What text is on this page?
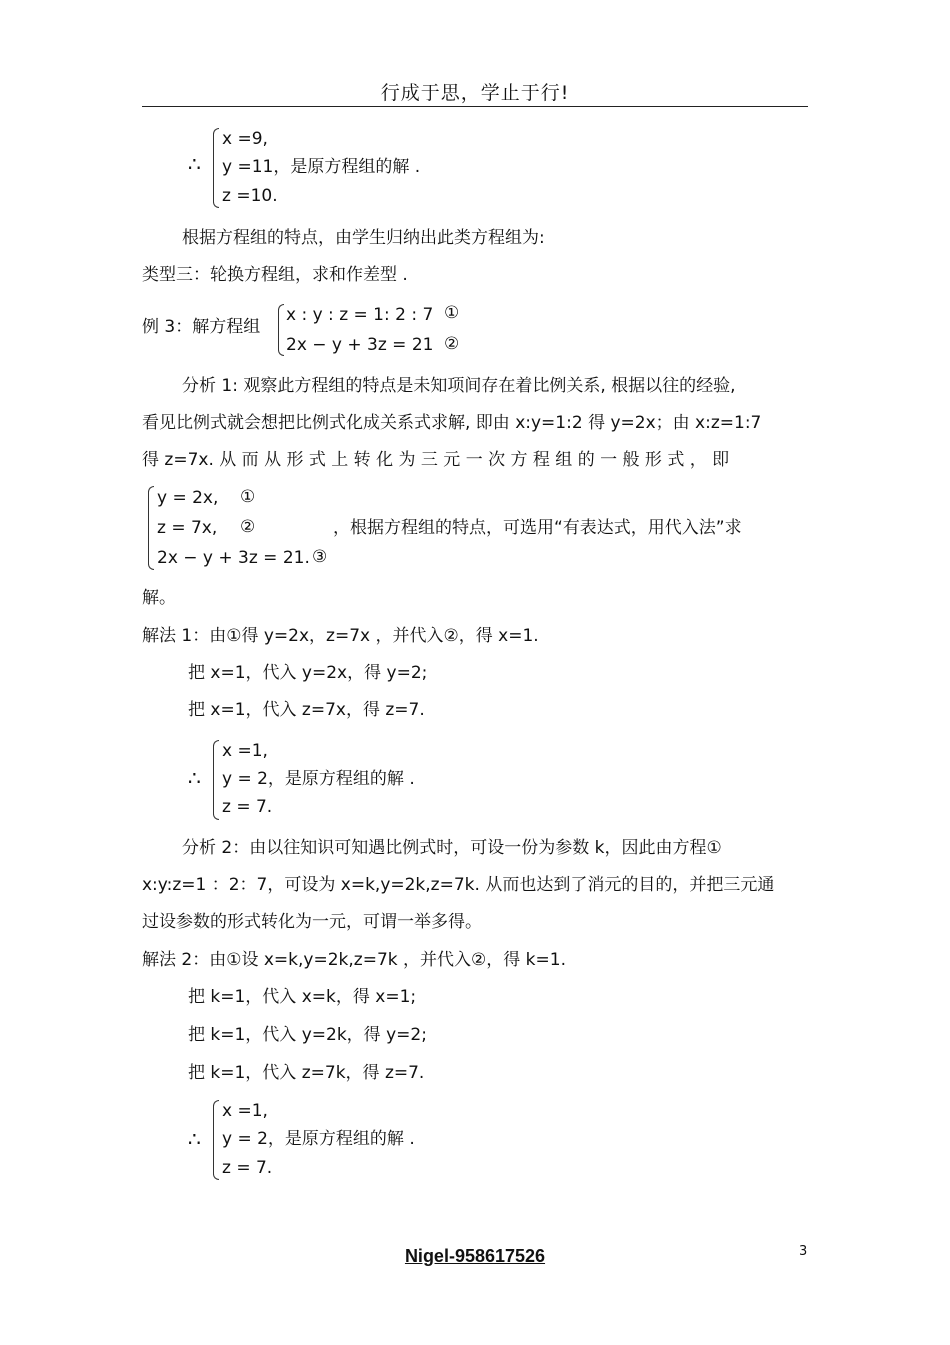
行成于思，学止于行!
∴
x =9,
y =11，是原方程组的解 .
z =10.
根据方程组的特点，由学生归纳出此类方程组为:
类型三：轮换方程组，求和作差型 .
例 3：解方程组
x : y : z = 1: 2 : 7 ①
2x − y + 3z = 21 ②
分析 1: 观察此方程组的特点是未知项间存在着比例关系, 根据以往的经验,
看见比例式就会想把比例式化成关系式求解, 即由 x:y=1:2 得 y=2x；由 x:z=1:7
得 z=7x. 从 而 从 形 式 上 转 化 为 三 元 一 次 方 程 组 的 一 般 形 式 ， 即
y = 2x, ①
z = 7x, ②
2x − y + 3z = 21. ③
，根据方程组的特点，可选用“有表达式，用代入法”求
解。
解法 1：由①得 y=2x，z=7x ，并代入②，得 x=1.
把 x=1，代入 y=2x，得 y=2;
把 x=1，代入 z=7x，得 z=7.
∴
x =1,
y = 2，是原方程组的解 .
z = 7.
分析 2：由以往知识可知遇比例式时，可设一份为参数 k，因此由方程①
x:y:z=1 ：2：7，可设为 x=k,y=2k,z=7k. 从而也达到了消元的目的，并把三元通
过设参数的形式转化为一元，可谓一举多得。
解法 2：由①设 x=k,y=2k,z=7k ，并代入②，得 k=1.
把 k=1，代入 x=k，得 x=1;
把 k=1，代入 y=2k，得 y=2;
把 k=1，代入 z=7k，得 z=7.
∴
x =1,
y = 2，是原方程组的解 .
z = 7.
Nigel-958617526	3
